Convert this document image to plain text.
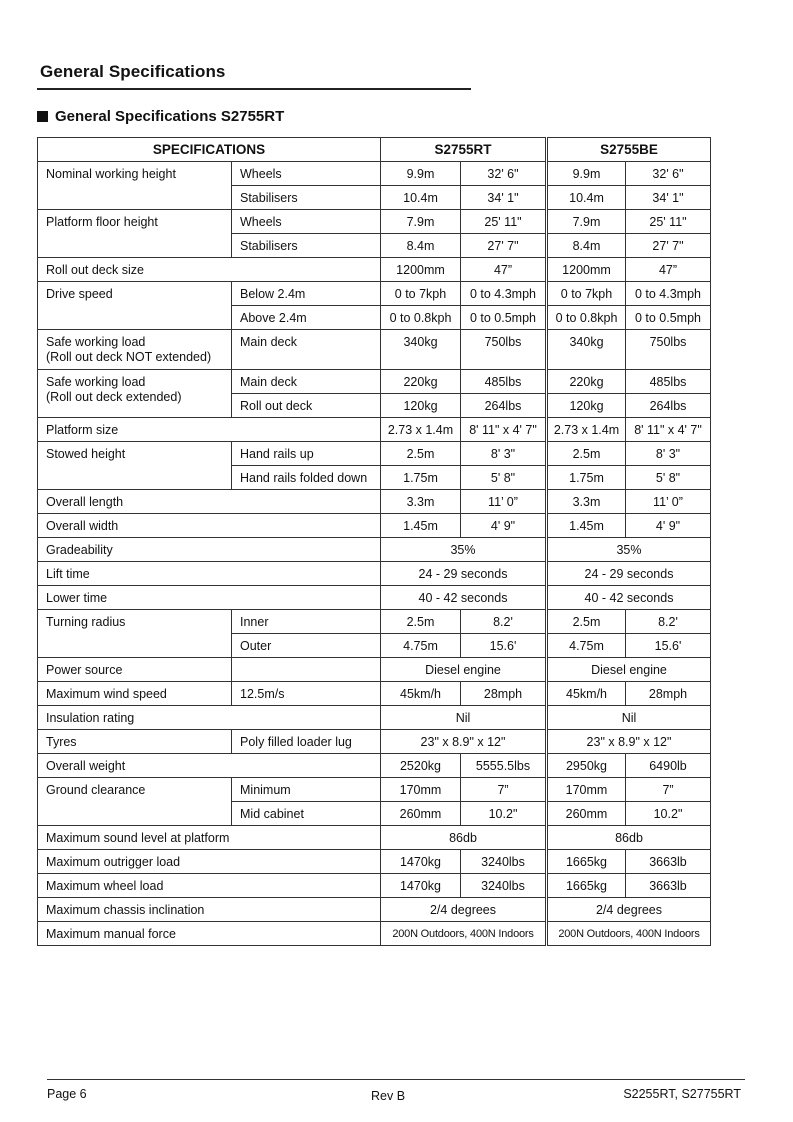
General Specifications
General Specifications S2755RT
SPECIFICATIONS		S2755RT		S2755BE	
Nominal working height	Wheels	9.9m	32' 6"	9.9m	32' 6"
	Stabilisers	10.4m	34' 1"	10.4m	34' 1"
Platform floor height	Wheels	7.9m	25' 11"	7.9m	25' 11"
	Stabilisers	8.4m	27' 7"	8.4m	27' 7"
Roll out deck size		1200mm	47”	1200mm	47”
Drive speed	Below 2.4m	0 to 7kph	0 to 4.3mph	0 to 7kph	0 to 4.3mph
	Above 2.4m	0 to 0.8kph	0 to 0.5mph	0 to 0.8kph	0 to 0.5mph

Safe working load
(Roll out deck NOT extended)	Main deck	340kg	750lbs	340kg	750lbs

Safe working load
(Roll out deck extended)	Main deck	220kg	485lbs	220kg	485lbs
	Roll out deck	120kg	264lbs	120kg	264lbs
Platform size		2.73 x 1.4m	8' 11" x 4' 7"	2.73 x 1.4m	8' 11" x 4' 7"
Stowed height	Hand rails up	2.5m	8' 3"	2.5m	8' 3"
	Hand rails folded down	1.75m	5' 8"	1.75m	5' 8"
Overall length		3.3m	11’ 0”	3.3m	11’ 0”
Overall width		1.45m	4' 9"	1.45m	4' 9"
Gradeability		35%		35%	
Lift time		24 - 29 seconds		24 - 29 seconds	
Lower time		40 - 42 seconds		40 - 42 seconds	
Turning radius	Inner	2.5m	8.2'	2.5m	8.2'
	Outer	4.75m	15.6'	4.75m	15.6'
Power source		Diesel engine		Diesel engine	
Maximum wind speed	12.5m/s	45km/h	28mph	45km/h	28mph
Insulation rating		Nil		Nil	
Tyres	Poly filled loader lug	23" x 8.9" x 12"		23" x 8.9" x 12"	
Overall weight		2520kg	5555.5lbs	2950kg	6490lb
Ground clearance	Minimum	170mm	7”	170mm	7”
	Mid cabinet	260mm	10.2"	260mm	10.2"
Maximum sound level at platform		86db		86db	
Maximum outrigger load		1470kg	3240lbs	1665kg	3663lb
Maximum wheel load		1470kg	3240lbs	1665kg	3663lb
Maximum chassis inclination		2/4 degrees		2/4 degrees	
Maximum manual force		200N Outdoors, 400N Indoors		200N Outdoors, 400N Indoors	
Page 6	Rev B	S2255RT, S27755RT
